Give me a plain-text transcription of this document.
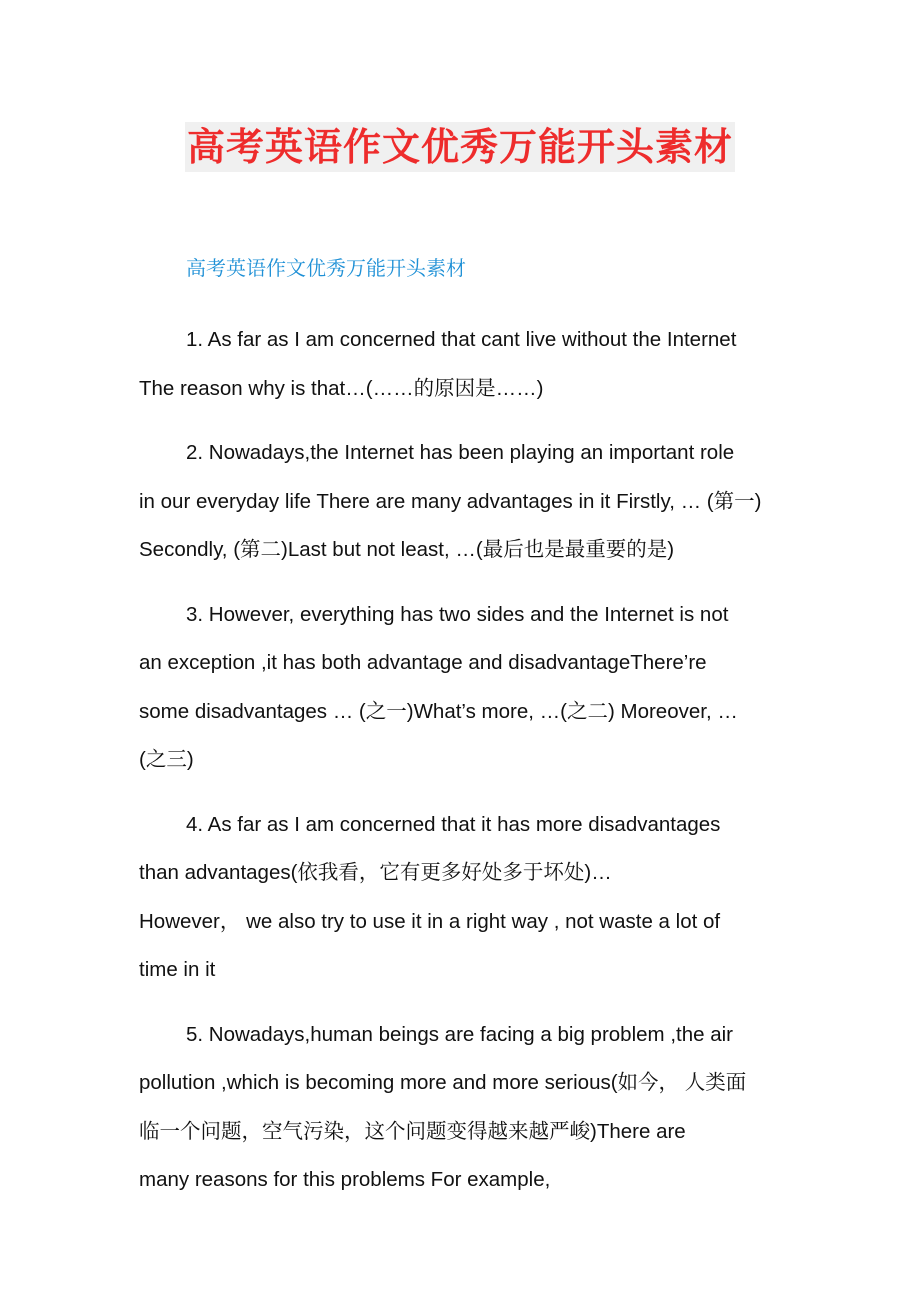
高考英语作文优秀万能开头素材
高考英语作文优秀万能开头素材
1. As far as I am concerned that cant live without the Internet
The reason why is that…(……的原因是……)
2. Nowadays,the Internet has been playing an important role
in our everyday life There are many advantages in it Firstly, … (第一)
Secondly, (第二)Last but not least, …(最后也是最重要的是)
3. However, everything has two sides and the Internet is not
an exception ,it has both advantage and disadvantageThere’re
some disadvantages … (之一)What’s more, …(之二) Moreover, …
(之三)
4. As far as I am concerned that it has more disadvantages
than advantages(依我看，它有更多好处多于坏处)…
However， we also try to use it in a right way , not waste a lot of
time in it
5. Nowadays,human beings are facing a big problem ,the air
pollution ,which is becoming more and more serious(如今， 人类面
临一个问题，空气污染，这个问题变得越来越严峻)There are
many reasons for this problems For example,
